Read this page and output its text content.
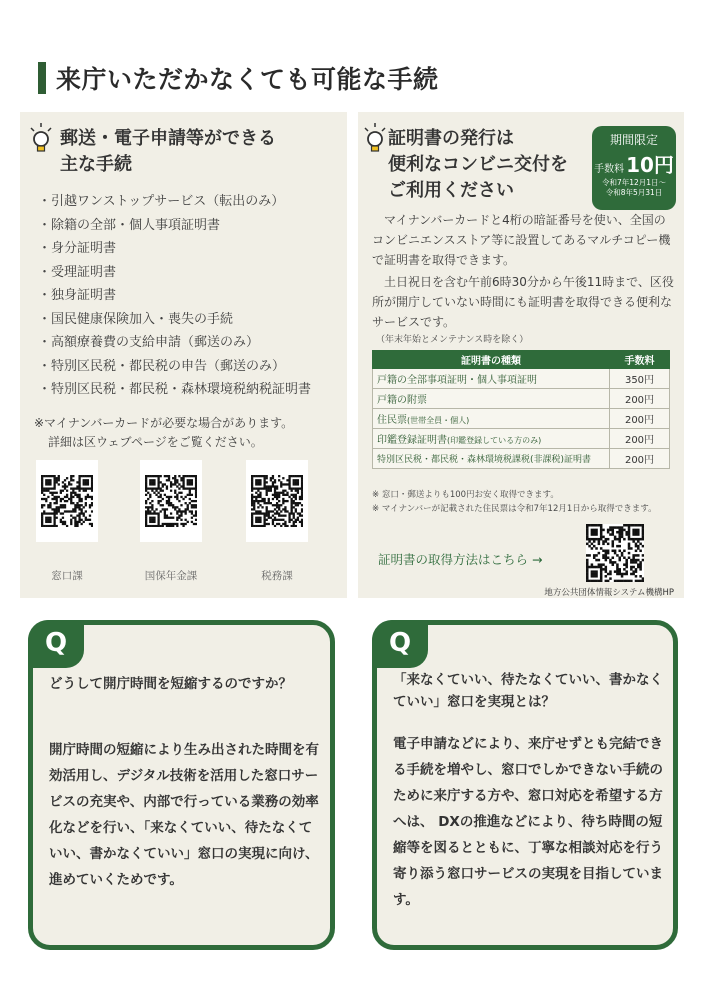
来庁いただかなくても可能な手続
郵送・電子申請等ができる
主な手続
・ 引越ワンストップサービス（転出のみ）
・ 除籍の全部・個人事項証明書
・ 身分証明書
・ 受理証明書
・ 独身証明書
・ 国民健康保険加入・喪失の手続
・ 高額療養費の支給申請（郵送のみ）
・ 特別区民税・都民税の申告（郵送のみ）
・ 特別区民税・都民税・森林環境税納税証明書
※マイナンバーカードが必要な場合があります。
詳細は区ウェブページをご覧ください。
窓口課	国保年金課	税務課
証明書の発行は
便利なコンビニ交付を
ご利用ください
期間限定
手数料 10円
令和7年12月1日～
令和8年5月31日
マイナンバーカードと4桁の暗証番号を使い、全国のコンビニエンスストア等に設置してあるマルチコピー機で証明書を取得できます。
土日祝日を含む午前6時30分から午後11時まで、区役所が開庁していない時間にも証明書を取得できる便利なサービスです。
（年末年始とメンテナンス時を除く）
証明書の種類	手数料
戸籍の全部事項証明・個人事項証明	350円
戸籍の附票	200円
住民票(世帯全員・個人)	200円
印鑑登録証明書(印鑑登録している方のみ)	200円
特別区民税・都民税・森林環境税課税(非課税)証明書	200円
※ 窓口・郵送よりも100円お安く取得できます。
※ マイナンバーが記載された住民票は令和7年12月1日から取得できます。
証明書の取得方法はこちら →
地方公共団体情報システム機構HP
Q
どうして開庁時間を短縮するのですか？
開庁時間の短縮により生み出された時間を有効活用し、デジタル技術を活用した窓口サービスの充実や、内部で行っている業務の効率化などを行い、「来なくていい、待たなくていい、書かなくていい」窓口の実現に向け、進めていくためです。
Q
「来なくていい、待たなくていい、書かなくていい」窓口を実現とは？
電子申請などにより、来庁せずとも完結できる手続を増やし、窓口でしかできない手続のために来庁する方や、窓口対応を希望する方へは、 DXの推進などにより、待ち時間の短縮等を図るとともに、丁寧な相談対応を行う寄り添う窓口サービスの実現を目指しています。
